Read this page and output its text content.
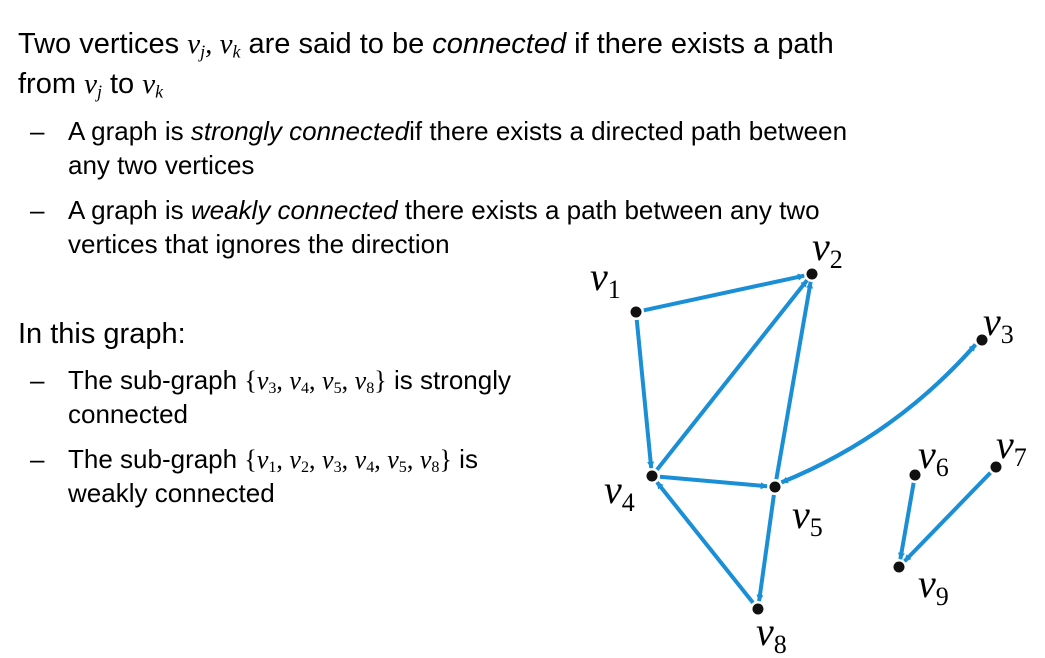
Two vertices $v_j$, $v_k$ are said to be connected if there exists a path
from $v_j$ to $v_k$
– A graph is strongly connectedif there exists a directed path between
any two vertices
– A graph is weakly connected there exists a path between any two
vertices that ignores the direction
In this graph:
– The sub-graph {$v_3$, $v_4$, $v_5$, $v_8$} is strongly
connected
– The sub-graph {$v_1$, $v_2$, $v_3$, $v_4$, $v_5$, $v_8$} is
weakly connected
$v_1$
$v_2$
$v_3$
$v_4$	$v_5$
$v_6$
$v_7$
$v_8$
$v_9$
